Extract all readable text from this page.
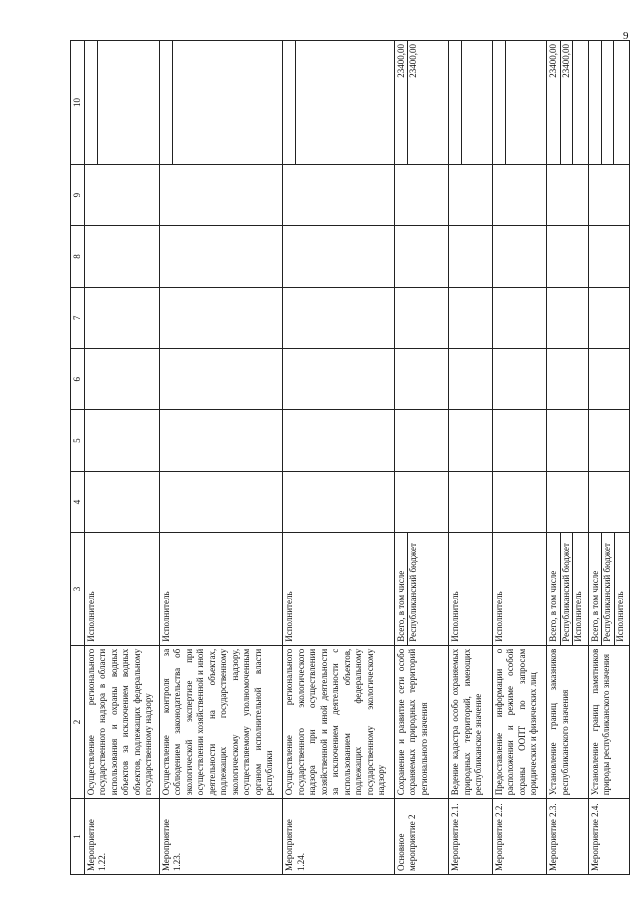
9
1	2	3	4	5	6	7	8	9	10
Мероприятие 1.22.	Осуществление регионального государственного надзора в области использования и охраны водных объектов за исключением водных объектов, подлежащих федеральному государственному надзору	Исполнитель							

Мероприятие 1.23.	Осуществление контроля за соблюдением законодательства об экологической экспертизе при осуществлении хозяйственной и иной деятельности на объектах, подлежащих государственному экологическому надзору, осуществляемому уполномоченным органом исполнительной власти республики	Исполнитель							

Мероприятие 1.24.	Осуществление регионального государственного экологического надзора при осуществлении хозяйственной и иной деятельности за исключением деятельности с использованием объектов, подлежащих федеральному государственному экологическому надзору	Исполнитель							

Основное мероприятие 2	Сохранение и развитие сети особо охраняемых природных территорий регионального значения	Всего, в том числе Республиканский бюджет							23400,00 23400,00

Мероприятие 2.1.	Ведение кадастра особо охраняемых природных территорий, имеющих республиканское значение	Исполнитель							

Мероприятие 2.2.	Предоставление информации о расположении и режиме особой охраны ООПТ по запросам юридических и физических лиц	Исполнитель							

Мероприятие 2.3.	Установление границ заказников республиканского значения	Всего, в том числе Республиканский бюджет Исполнитель							23400,00 23400,00

Мероприятие 2.4.	Установление границ памятников природы республиканского значения	Всего, в том числе Республиканский бюджет Исполнитель							
